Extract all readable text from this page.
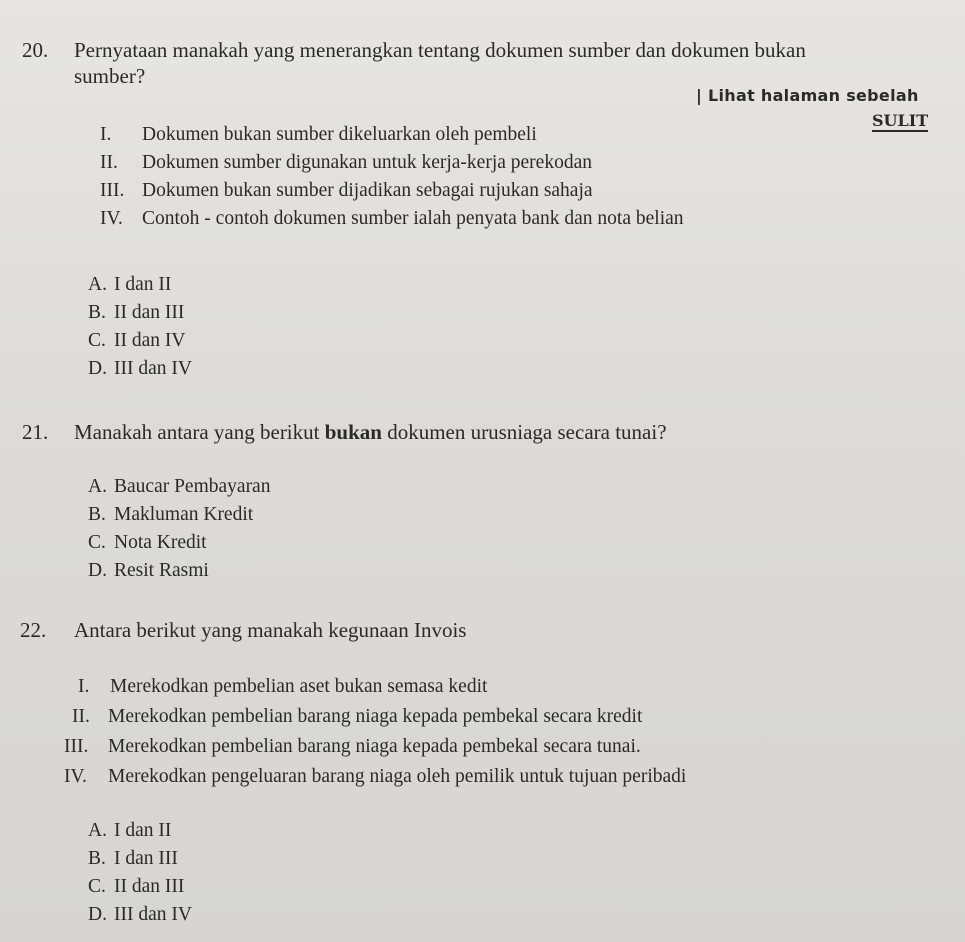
20. Pernyataan manakah yang menerangkan tentang dokumen sumber dan dokumen bukan
sumber?
| Lihat halaman sebelah
SULIT
I. Dokumen bukan sumber dikeluarkan oleh pembeli
II. Dokumen sumber digunakan untuk kerja-kerja perekodan
III. Dokumen bukan sumber dijadikan sebagai rujukan sahaja
IV. Contoh - contoh dokumen sumber ialah penyata bank dan nota belian
A. I dan II
B. II dan III
C. II dan IV
D. III dan IV
21. Manakah antara yang berikut bukan dokumen urusniaga secara tunai?
A. Baucar Pembayaran
B. Makluman Kredit
C. Nota Kredit
D. Resit Rasmi
22. Antara berikut yang manakah kegunaan Invois
I. Merekodkan pembelian aset bukan semasa kedit
II. Merekodkan pembelian barang niaga kepada pembekal secara kredit
III. Merekodkan pembelian barang niaga kepada pembekal secara tunai.
IV. Merekodkan pengeluaran barang niaga oleh pemilik untuk tujuan peribadi
A. I dan II
B. I dan III
C. II dan III
D. III dan IV
